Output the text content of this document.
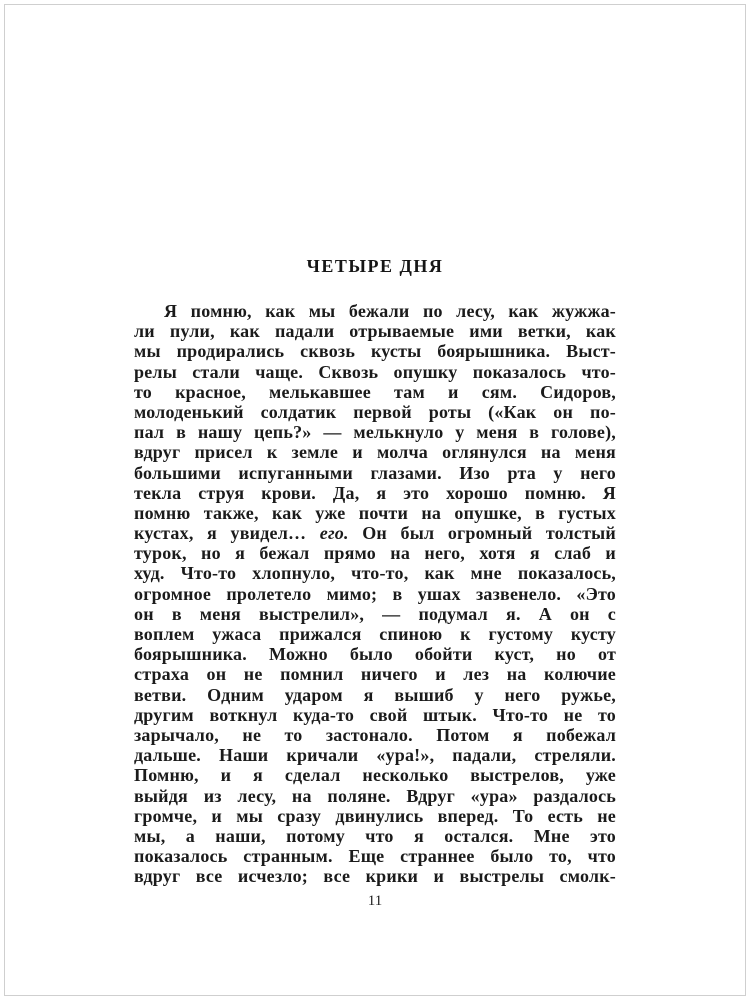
ЧЕТЫРЕ ДНЯ
Я помню, как мы бежали по лесу, как жужжа-
ли пули, как падали отрываемые ими ветки, как
мы продирались сквозь кусты боярышника. Выст-
релы стали чаще. Сквозь опушку показалось что-
то красное, мелькавшее там и сям. Сидоров,
молоденький солдатик первой роты («Как он по-
пал в нашу цепь?» — мелькнуло у меня в голове),
вдруг присел к земле и молча оглянулся на меня
большими испуганными глазами. Изо рта у него
текла струя крови. Да, я это хорошо помню. Я
помню также, как уже почти на опушке, в густых
кустах, я увидел… его. Он был огромный толстый
турок, но я бежал прямо на него, хотя я слаб и
худ. Что-то хлопнуло, что-то, как мне показалось,
огромное пролетело мимо; в ушах зазвенело. «Это
он в меня выстрелил», — подумал я. А он с
воплем ужаса прижался спиною к густому кусту
боярышника. Можно было обойти куст, но от
страха он не помнил ничего и лез на колючие
ветви. Одним ударом я вышиб у него ружье,
другим воткнул куда-то свой штык. Что-то не то
зарычало, не то застонало. Потом я побежал
дальше. Наши кричали «ура!», падали, стреляли.
Помню, и я сделал несколько выстрелов, уже
выйдя из лесу, на поляне. Вдруг «ура» раздалось
громче, и мы сразу двинулись вперед. То есть не
мы, а наши, потому что я остался. Мне это
показалось странным. Еще страннее было то, что
вдруг все исчезло; все крики и выстрелы смолк-
11
